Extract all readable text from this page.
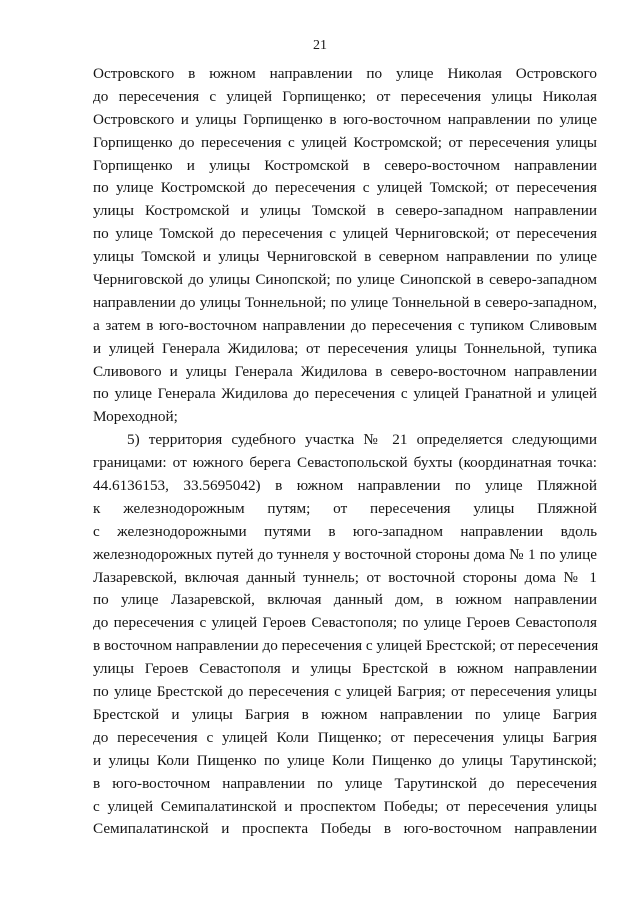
21
Островского в южном направлении по улице Николая Островского
до пересечения с улицей Горпищенко; от пересечения улицы Николая
Островского и улицы Горпищенко в юго-восточном направлении по улице
Горпищенко до пересечения с улицей Костромской; от пересечения улицы
Горпищенко и улицы Костромской в северо-восточном направлении
по улице Костромской до пересечения с улицей Томской; от пересечения
улицы Костромской и улицы Томской в северо-западном направлении
по улице Томской до пересечения с улицей Черниговской; от пересечения
улицы Томской и улицы Черниговской в северном направлении по улице
Черниговской до улицы Синопской; по улице Синопской в северо-западном
направлении до улицы Тоннельной; по улице Тоннельной в северо-западном,
а затем в юго-восточном направлении до пересечения с тупиком Сливовым
и улицей Генерала Жидилова; от пересечения улицы Тоннельной, тупика
Сливового и улицы Генерала Жидилова в северо-восточном направлении
по улице Генерала Жидилова до пересечения с улицей Гранатной и улицей
Мореходной;
5) территория судебного участка № 21 определяется следующими
границами: от южного берега Севастопольской бухты (координатная точка:
44.6136153, 33.5695042) в южном направлении по улице Пляжной
к железнодорожным путям; от пересечения улицы Пляжной
с железнодорожными путями в юго-западном направлении вдоль
железнодорожных путей до туннеля у восточной стороны дома № 1 по улице
Лазаревской, включая данный туннель; от восточной стороны дома № 1
по улице Лазаревской, включая данный дом, в южном направлении
до пересечения с улицей Героев Севастополя; по улице Героев Севастополя
в восточном направлении до пересечения с улицей Брестской; от пересечения
улицы Героев Севастополя и улицы Брестской в южном направлении
по улице Брестской до пересечения с улицей Багрия; от пересечения улицы
Брестской и улицы Багрия в южном направлении по улице Багрия
до пересечения с улицей Коли Пищенко; от пересечения улицы Багрия
и улицы Коли Пищенко по улице Коли Пищенко до улицы Тарутинской;
в юго-восточном направлении по улице Тарутинской до пересечения
с улицей Семипалатинской и проспектом Победы; от пересечения улицы
Семипалатинской и проспекта Победы в юго-восточном направлении
